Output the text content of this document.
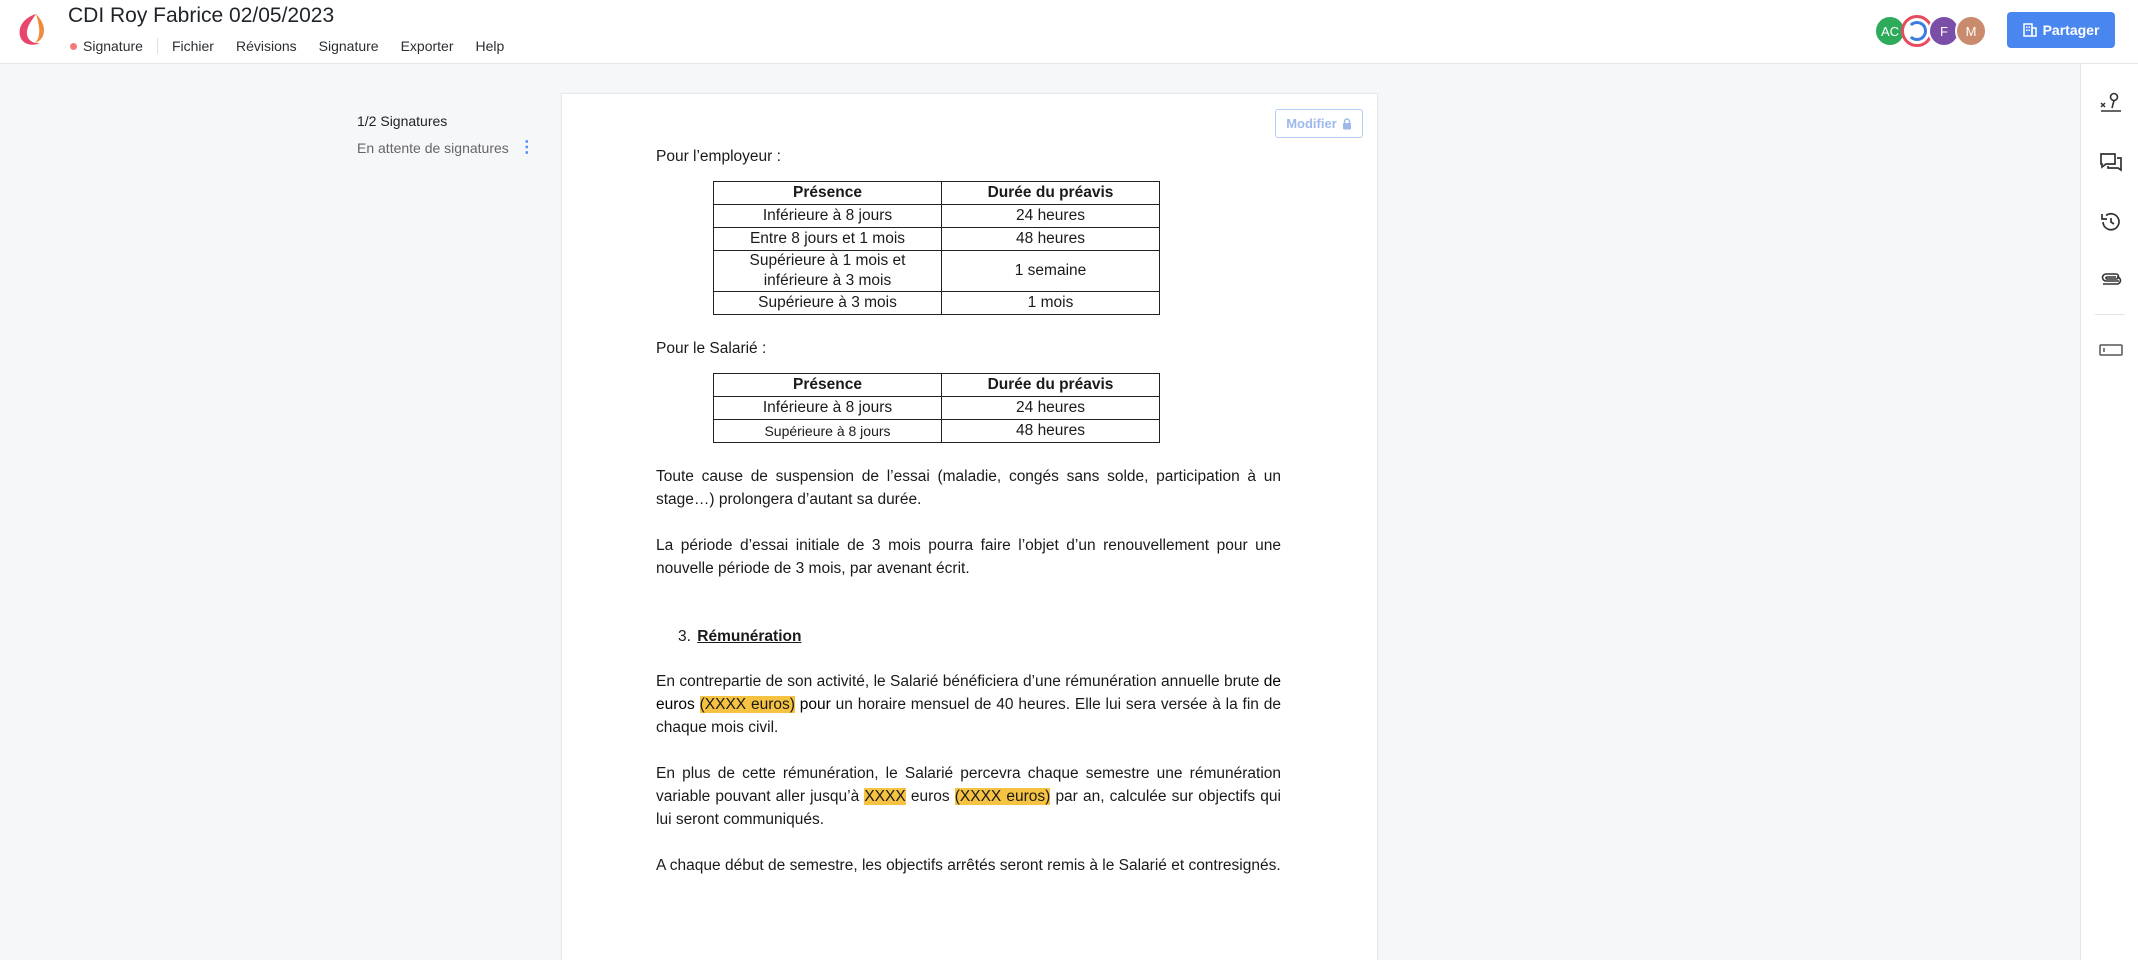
CDI Roy Fabrice 02/05/2023
Signature Fichier Révisions Signature Exporter Help
AC	F	M	Partager
1/2 Signatures
En attente de signatures ⋮
Modifier

Pour l’employeur :

Présence	Durée du préavis
Inférieure à 8 jours	24 heures
Entre 8 jours et 1 mois	48 heures
Supérieure à 1 mois et inférieure à 3 mois	1 semaine
Supérieure à 3 mois	1 mois

Pour le Salarié :

Présence	Durée du préavis
Inférieure à 8 jours	24 heures
Supérieure à 8 jours	48 heures

Toute cause de suspension de l’essai (maladie, congés sans solde, participation à un stage…) prolongera d’autant sa durée.

La période d’essai initiale de 3 mois pourra faire l’objet d’un renouvellement pour une nouvelle période de 3 mois, par avenant écrit.

3. Rémunération

En contrepartie de son activité, le Salarié bénéficiera d’une rémunération annuelle brute de euros (XXXX euros) pour un horaire mensuel de 40 heures. Elle lui sera versée à la fin de chaque mois civil.

En plus de cette rémunération, le Salarié percevra chaque semestre une rémunération variable pouvant aller jusqu’à XXXX euros (XXXX euros) par an, calculée sur objectifs qui lui seront communiqués.

A chaque début de semestre, les objectifs arrêtés seront remis à le Salarié et contresignés.
